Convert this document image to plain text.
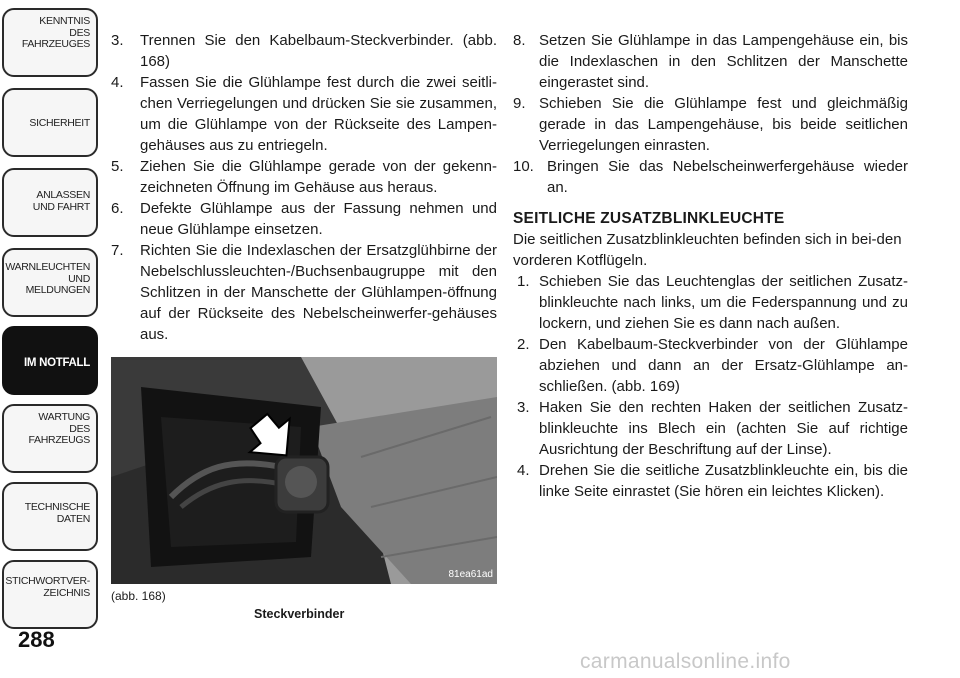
KENNTNIS
DES
FAHRZEUGES
SICHERHEIT
ANLASSEN
UND FAHRT
WARNLEUCHTEN
UND
MELDUNGEN
IM NOTFALL
WARTUNG
DES
FAHRZEUGS
TECHNISCHE
DATEN
STICHWORTVER-
ZEICHNIS
288
3. Trennen Sie den Kabelbaum-Steckverbinder. (abb. 168)
4. Fassen Sie die Glühlampe fest durch die zwei seitli-chen Verriegelungen und drücken Sie sie zusammen, um die Glühlampe von der Rückseite des Lampen-gehäuses aus zu entriegeln.
5. Ziehen Sie die Glühlampe gerade von der gekenn-zeichneten Öffnung im Gehäuse aus heraus.
6. Defekte Glühlampe aus der Fassung nehmen und neue Glühlampe einsetzen.
7. Richten Sie die Indexlaschen der Ersatzglühbirne der Nebelschlussleuchten-/Buchsenbaugruppe mit den Schlitzen in der Manschette der Glühlampen-öffnung auf der Rückseite des Nebelscheinwerfer-gehäuses aus.
81ea61ad
(abb. 168)
Steckverbinder
8. Setzen Sie Glühlampe in das Lampengehäuse ein, bis die Indexlaschen in den Schlitzen der Manschette eingerastet sind.
9. Schieben Sie die Glühlampe fest und gleichmäßig gerade in das Lampengehäuse, bis beide seitlichen Verriegelungen einrasten.
10. Bringen Sie das Nebelscheinwerfergehäuse wieder an.
SEITLICHE ZUSATZBLINKLEUCHTE

Die seitlichen Zusatzblinkleuchten befinden sich in bei-den vorderen Kotflügeln.

1. Schieben Sie das Leuchtenglas der seitlichen Zusatz-blinkleuchte nach links, um die Federspannung und zu lockern, und ziehen Sie es dann nach außen.
2. Den Kabelbaum-Steckverbinder von der Glühlampe abziehen und dann an der Ersatz-Glühlampe an-schließen. (abb. 169)
3. Haken Sie den rechten Haken der seitlichen Zusatz-blinkleuchte ins Blech ein (achten Sie auf richtige Ausrichtung der Beschriftung auf der Linse).
4. Drehen Sie die seitliche Zusatzblinkleuchte ein, bis die linke Seite einrastet (Sie hören ein leichtes Klicken).
carmanualsonline.info
